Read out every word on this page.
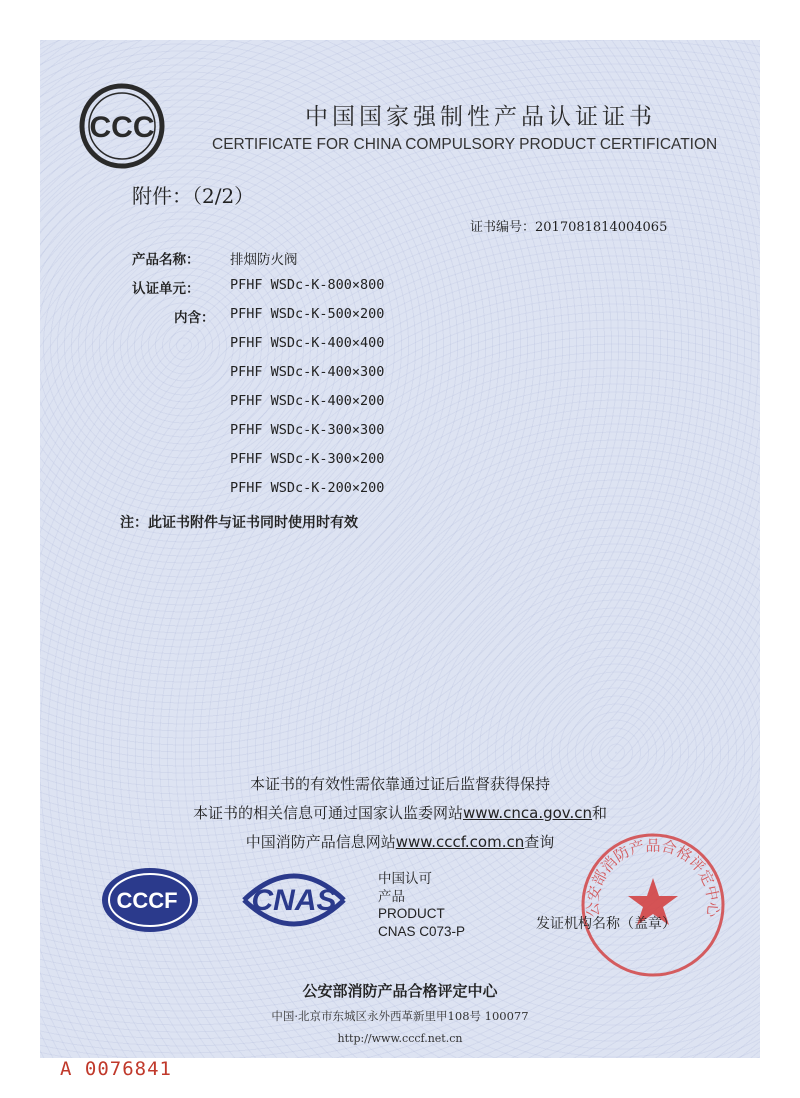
CCC	中国国家强制性产品认证证书
CERTIFICATE FOR CHINA COMPULSORY PRODUCT CERTIFICATION
附件：（2/2）
证书编号：2017081814004065
产品名称： 排烟防火阀
认证单元： PFHF WSDc-K-800×800
内含： PFHF WSDc-K-500×200
PFHF WSDc-K-400×400
PFHF WSDc-K-400×300
PFHF WSDc-K-400×200
PFHF WSDc-K-300×300
PFHF WSDc-K-300×200
PFHF WSDc-K-200×200
注：此证书附件与证书同时使用时有效
本证书的有效性需依靠通过证后监督获得保持
本证书的相关信息可通过国家认监委网站www.cnca.gov.cn和
中国消防产品信息网站www.cccf.com.cn查询
CCCF CNAS
中国认可
产品
PRODUCT
CNAS C073-P
公安部消防产品合格评定中心
发证机构名称（盖章）
公安部消防产品合格评定中心
中国·北京市东城区永外西革新里甲108号 100077
http://www.cccf.net.cn
A 0076841
